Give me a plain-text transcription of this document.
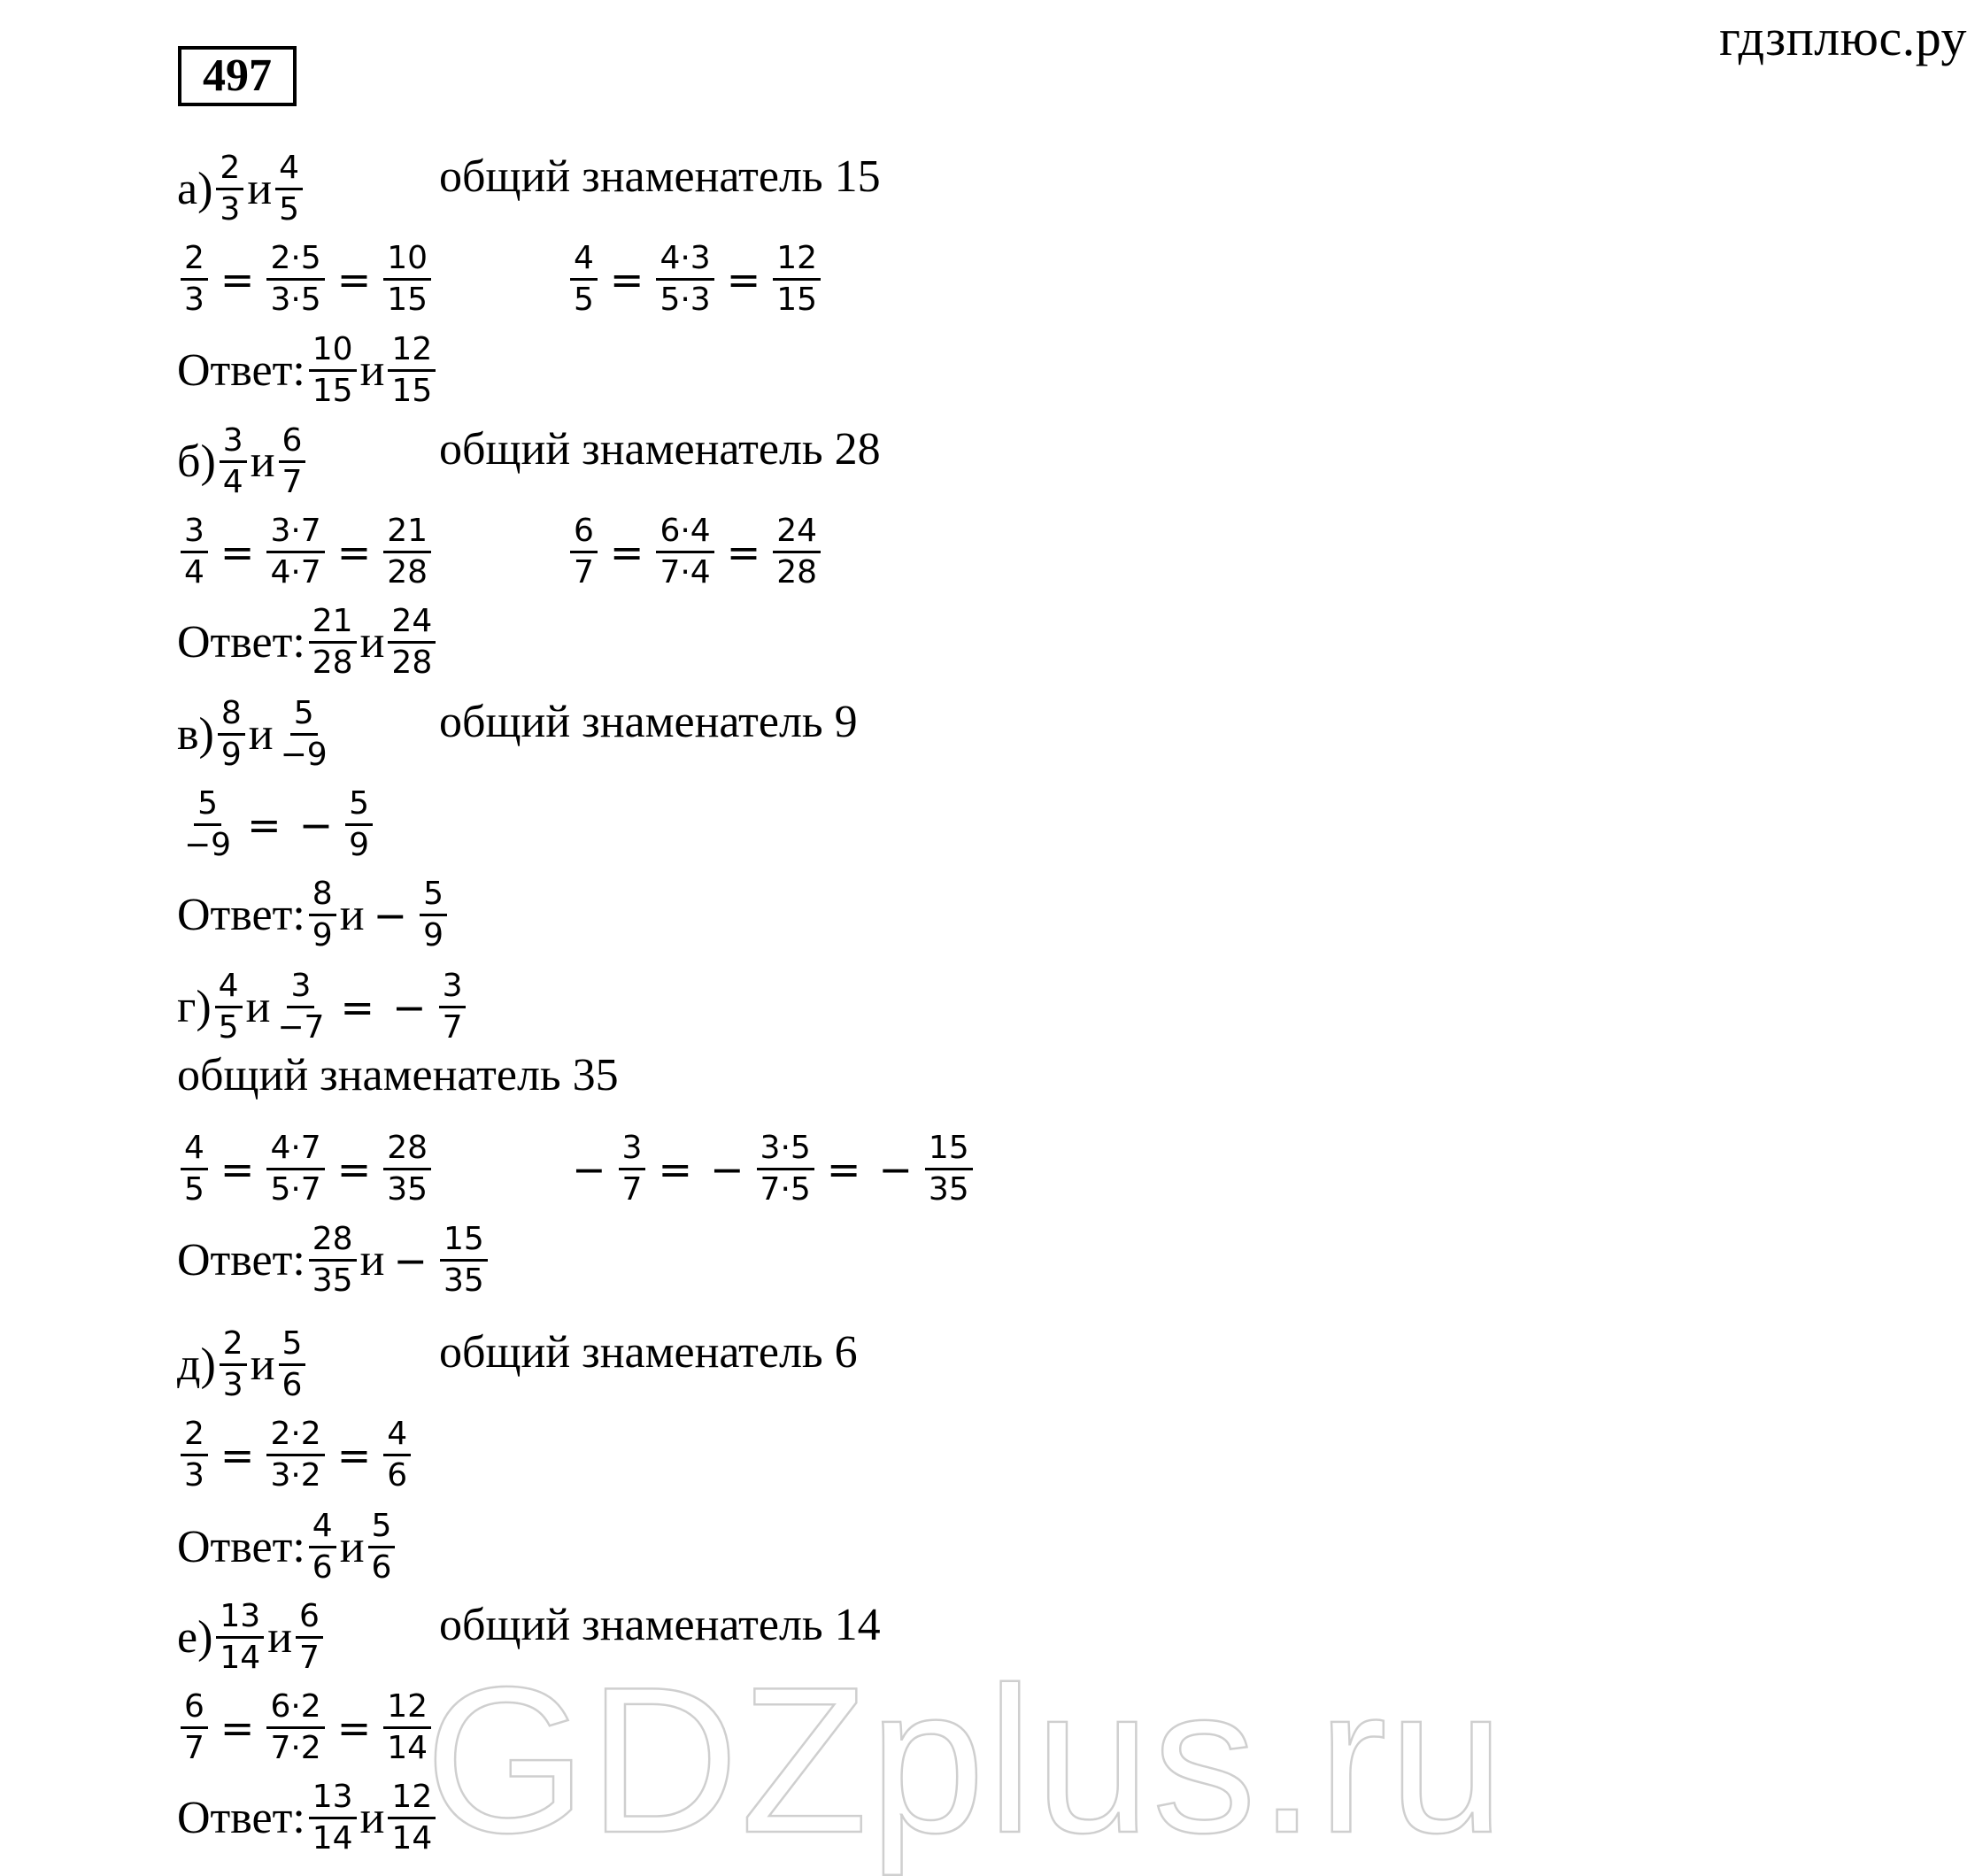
гдзплюс.ру
497
$а) \frac{2}{3}$ и $\frac{4}{5}$	общий знаменатель 15
$\frac{2}{3} = \frac{2\cdot 5}{3\cdot 5} = \frac{10}{15}$	$\frac{4}{5} = \frac{4\cdot 3}{5\cdot 3} = \frac{12}{15}$
Ответ: $\frac{10}{15}$ и $\frac{12}{15}$
$б) \frac{3}{4}$ и $\frac{6}{7}$	общий знаменатель 28
$\frac{3}{4} = \frac{3\cdot 7}{4\cdot 7} = \frac{21}{28}$	$\frac{6}{7} = \frac{6\cdot 4}{7\cdot 4} = \frac{24}{28}$
Ответ: $\frac{21}{28}$ и $\frac{24}{28}$
$в) \frac{8}{9}$ и $\frac{5}{-9}$ общий знаменатель 9
$\frac{5}{-9}$ = − $\frac{5}{9}$
Ответ: $\frac{8}{9}$ $и - \frac{5}{9}$
$г) \frac{4}{5}$ и $\frac{3}{-7}$ = − $\frac{3}{7}$
общий знаменатель 35
$\frac{4}{5} = \frac{4\cdot 7}{5\cdot 7} = \frac{28}{35}$	− $\frac{3}{7}$ = − $\frac{3\cdot 5}{7\cdot 5}$ = − $\frac{15}{35}$
Ответ: $\frac{28}{35}$ $и - \frac{15}{35}$
$д) \frac{2}{3}$ и $\frac{5}{6}$	общий знаменатель 6
$\frac{2}{3} = \frac{2\cdot 2}{3\cdot 2} = \frac{4}{6}$
Ответ: $\frac{4}{6}$ и $\frac{5}{6}$
GDZplus.ru
$е) \frac{13}{14}$ и $\frac{6}{7}$	общий знаменатель 14
$\frac{6}{7} = \frac{6\cdot 2}{7\cdot 2} = \frac{12}{14}$
Ответ: $\frac{13}{14}$ и $\frac{12}{14}$
